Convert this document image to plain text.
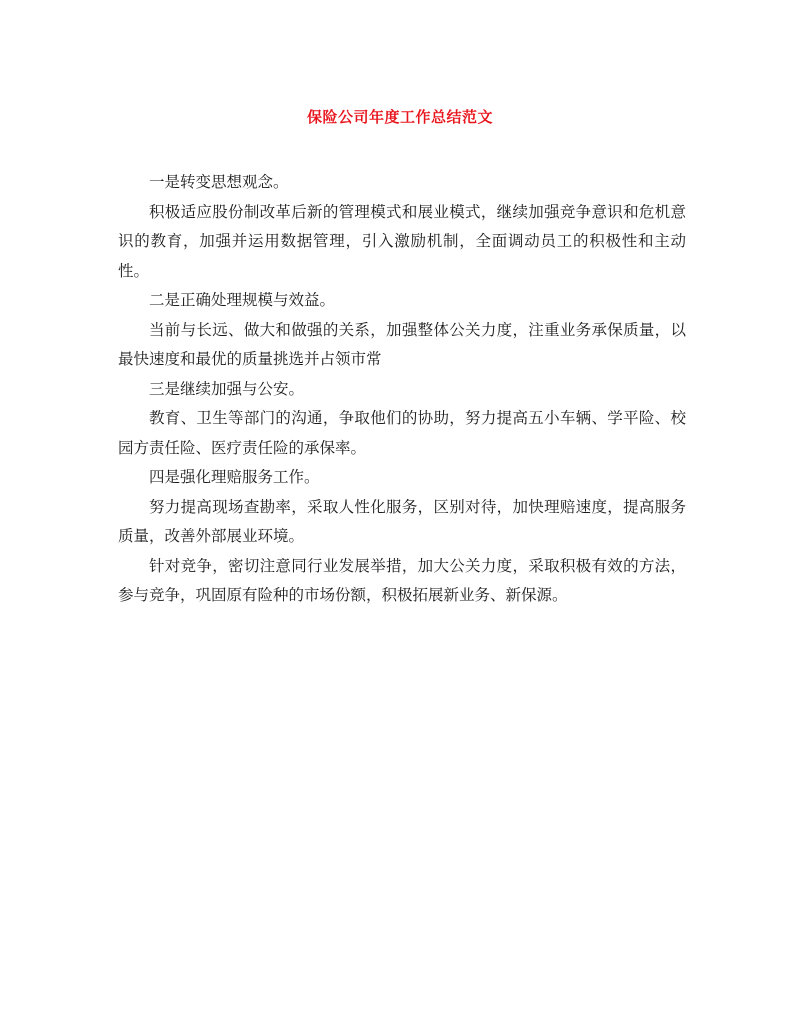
保险公司年度工作总结范文

一是转变思想观念。

积极适应股份制改革后新的管理模式和展业模式，继续加强竞争意识和危机意识的教育，加强并运用数据管理，引入激励机制，全面调动员工的积极性和主动性。

二是正确处理规模与效益。

当前与长远、做大和做强的关系，加强整体公关力度，注重业务承保质量，以最快速度和最优的质量挑选并占领市常

三是继续加强与公安。

教育、卫生等部门的沟通，争取他们的协助，努力提高五小车辆、学平险、校园方责任险、医疗责任险的承保率。

四是强化理赔服务工作。

努力提高现场查勘率，采取人性化服务，区别对待，加快理赔速度，提高服务质量，改善外部展业环境。

针对竞争，密切注意同行业发展举措，加大公关力度，采取积极有效的方法，参与竞争，巩固原有险种的市场份额，积极拓展新业务、新保源。
